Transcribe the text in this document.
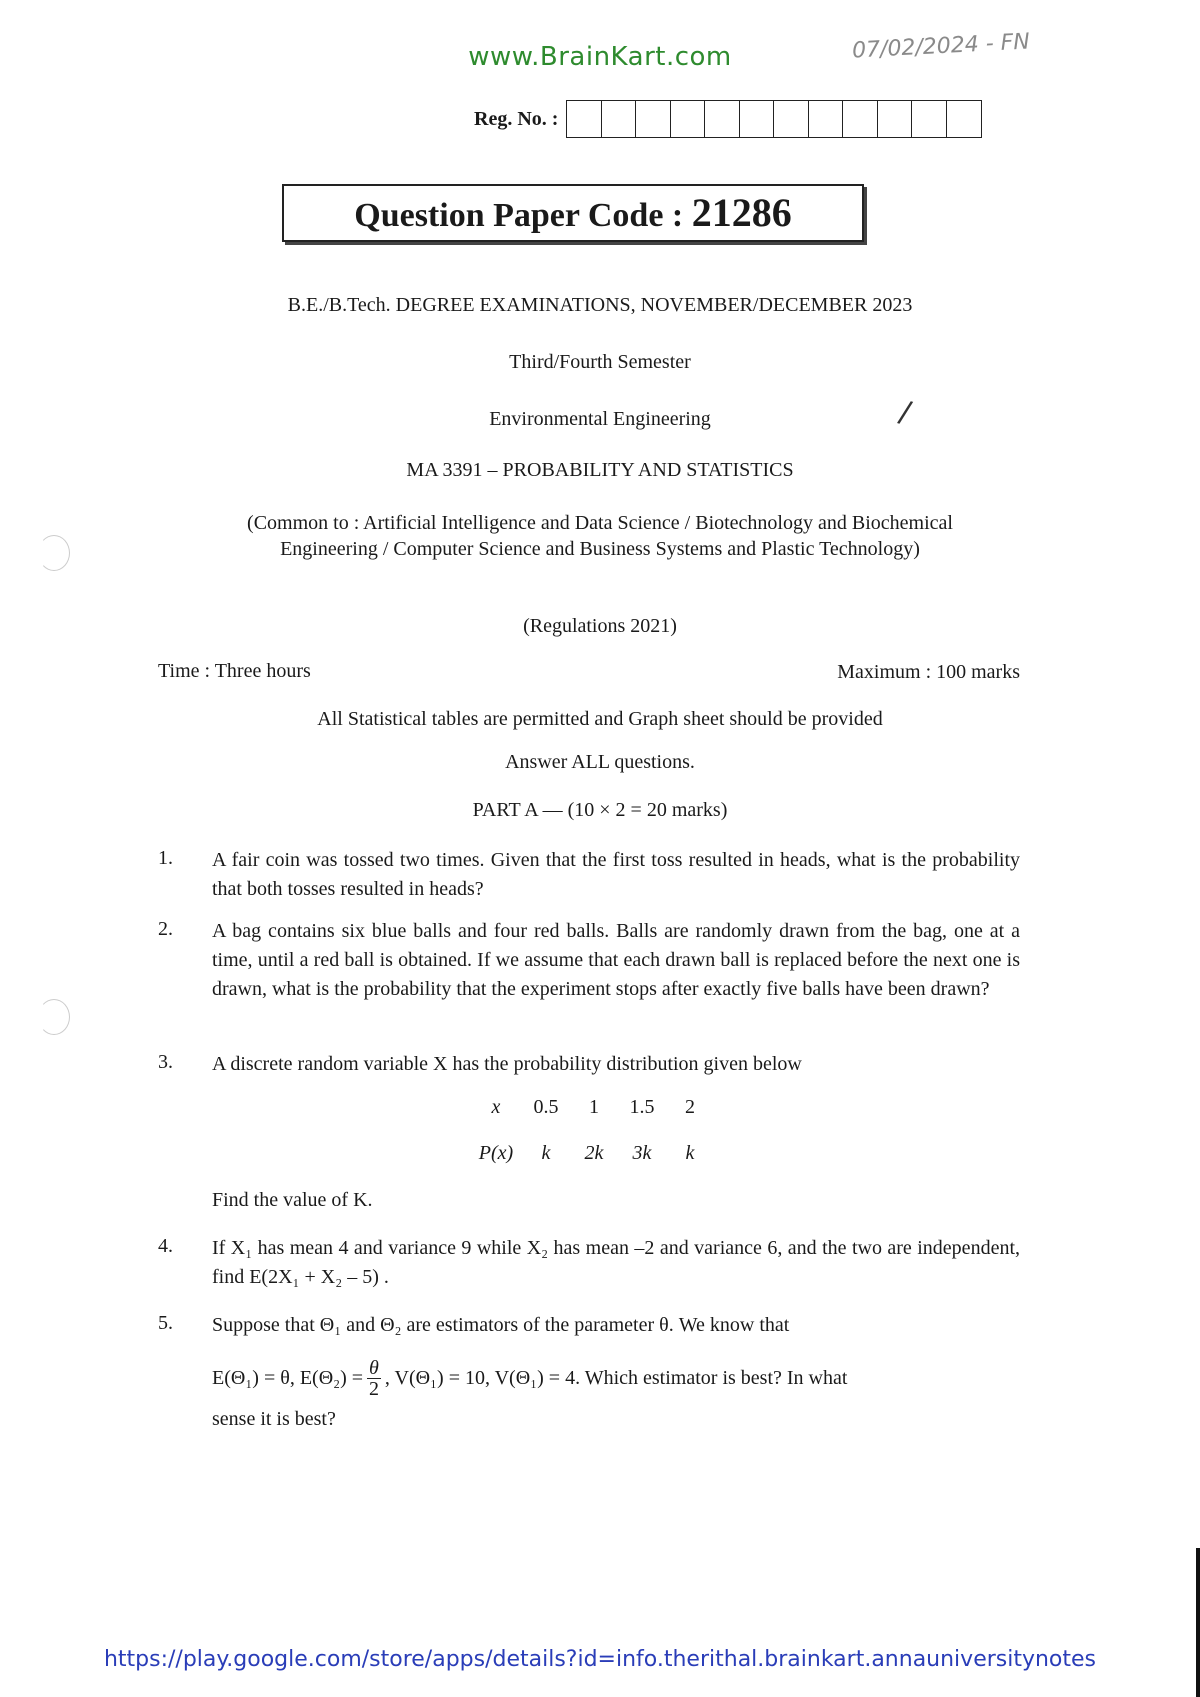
www.BrainKart.com	07/02/2024 - FN
Reg. No. :
Question Paper Code : 21286
B.E./B.Tech. DEGREE EXAMINATIONS, NOVEMBER/DECEMBER 2023
Third/Fourth Semester
Environmental Engineering	/
MA 3391 – PROBABILITY AND STATISTICS
(Common to : Artificial Intelligence and Data Science / Biotechnology and Biochemical Engineering / Computer Science and Business Systems and Plastic Technology)
(Regulations 2021)
Time : Three hours	Maximum : 100 marks
All Statistical tables are permitted and Graph sheet should be provided
Answer ALL questions.
PART A — (10 × 2 = 20 marks)
1. A fair coin was tossed two times. Given that the first toss resulted in heads, what is the probability that both tosses resulted in heads?
2. A bag contains six blue balls and four red balls. Balls are randomly drawn from the bag, one at a time, until a red ball is obtained. If we assume that each drawn ball is replaced before the next one is drawn, what is the probability that the experiment stops after exactly five balls have been drawn?
3. A discrete random variable X has the probability distribution given below
x	0.5	1	1.5	2
P(x)	k	2k	3k	k
Find the value of K.
4. If X₁ has mean 4 and variance 9 while X₂ has mean –2 and variance 6, and the two are independent, find E(2X₁ + X₂ – 5) .
5. Suppose that Θ₁ and Θ₂ are estimators of the parameter θ. We know that
E(Θ₁) = θ, $E(\Theta_2) = \frac{\theta}{2}$ , V(Θ₁) = 10, V(Θ₁) = 4. Which estimator is best? In what
sense it is best?
https://play.google.com/store/apps/details?id=info.therithal.brainkart.annauniversitynotes
